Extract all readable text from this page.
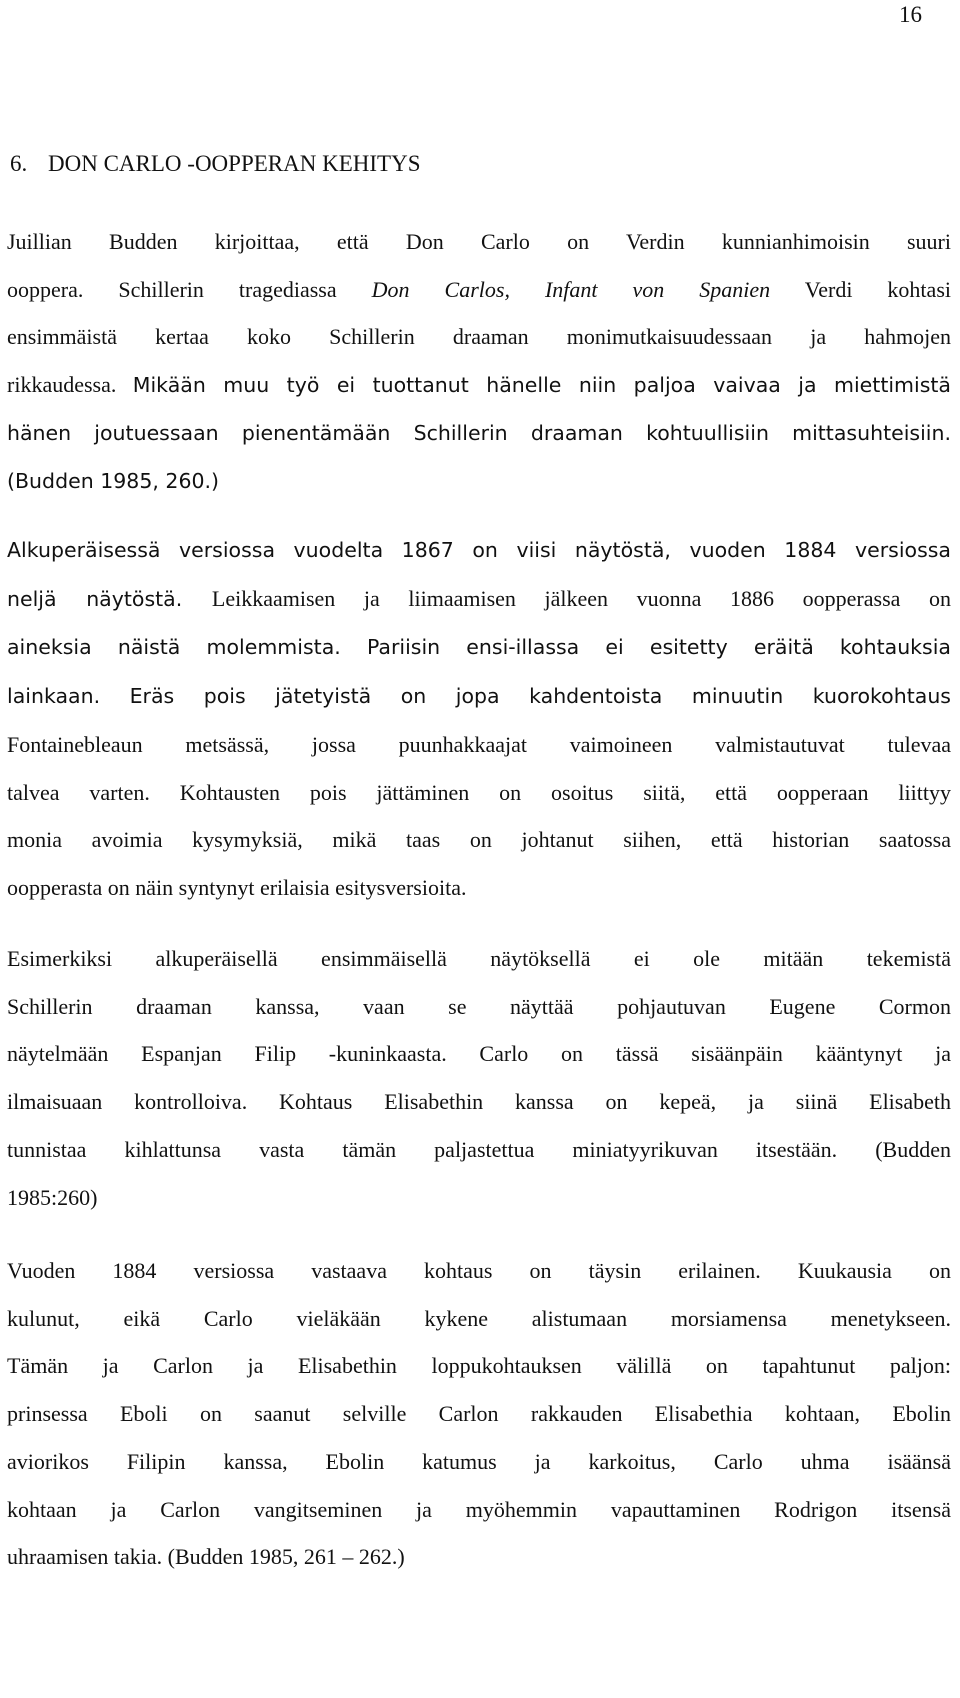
16
6. DON CARLO -OOPPERAN KEHITYS
Juillian Budden kirjoittaa, että Don Carlo on Verdin kunnianhimoisin suuri
ooppera. Schillerin tragediassa Don Carlos, Infant von Spanien Verdi kohtasi
ensimmäistä kertaa koko Schillerin draaman monimutkaisuudessaan ja hahmojen
rikkaudessa. Mikään muu työ ei tuottanut hänelle niin paljoa vaivaa ja miettimistä
hänen joutuessaan pienentämään Schillerin draaman kohtuullisiin mittasuhteisiin.
(Budden 1985, 260.)
Alkuperäisessä versiossa vuodelta 1867 on viisi näytöstä, vuoden 1884 versiossa
neljä näytöstä. Leikkaamisen ja liimaamisen jälkeen vuonna 1886 oopperassa on
aineksia näistä molemmista. Pariisin ensi-illassa ei esitetty eräitä kohtauksia
lainkaan. Eräs pois jätetyistä on jopa kahdentoista minuutin kuorokohtaus
Fontainebleaun metsässä, jossa puunhakkaajat vaimoineen valmistautuvat tulevaa
talvea varten. Kohtausten pois jättäminen on osoitus siitä, että oopperaan liittyy
monia avoimia kysymyksiä, mikä taas on johtanut siihen, että historian saatossa
oopperasta on näin syntynyt erilaisia esitysversioita.
Esimerkiksi alkuperäisellä ensimmäisellä näytöksellä ei ole mitään tekemistä
Schillerin draaman kanssa, vaan se näyttää pohjautuvan Eugene Cormon
näytelmään Espanjan Filip -kuninkaasta. Carlo on tässä sisäänpäin kääntynyt ja
ilmaisuaan kontrolloiva. Kohtaus Elisabethin kanssa on kepeä, ja siinä Elisabeth
tunnistaa kihlattunsa vasta tämän paljastettua miniatyyrikuvan itsestään. (Budden
1985:260)
Vuoden 1884 versiossa vastaava kohtaus on täysin erilainen. Kuukausia on
kulunut, eikä Carlo vieläkään kykene alistumaan morsiamensa menetykseen.
Tämän ja Carlon ja Elisabethin loppukohtauksen välillä on tapahtunut paljon:
prinsessa Eboli on saanut selville Carlon rakkauden Elisabethia kohtaan, Ebolin
aviorikos Filipin kanssa, Ebolin katumus ja karkoitus, Carlo uhma isäänsä
kohtaan ja Carlon vangitseminen ja myöhemmin vapauttaminen Rodrigon itsensä
uhraamisen takia. (Budden 1985, 261 – 262.)
